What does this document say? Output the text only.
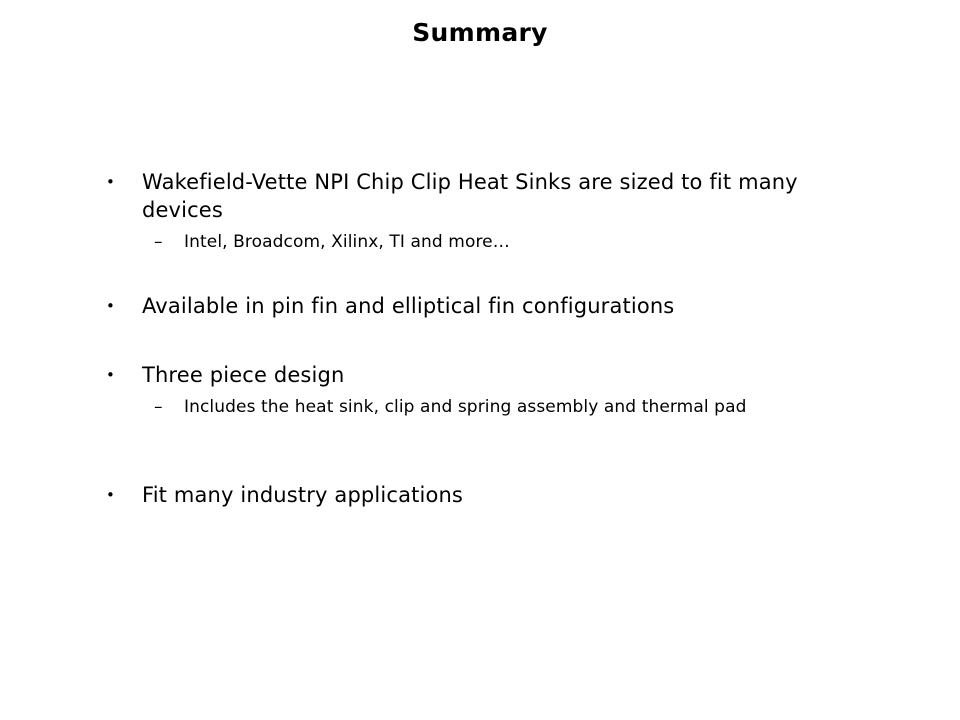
Summary
• Wakefield-Vette NPI Chip Clip Heat Sinks are sized to fit many devices
– Intel, Broadcom, Xilinx, TI and more…
• Available in pin fin and elliptical fin configurations
• Three piece design
– Includes the heat sink, clip and spring assembly and thermal pad
• Fit many industry applications
